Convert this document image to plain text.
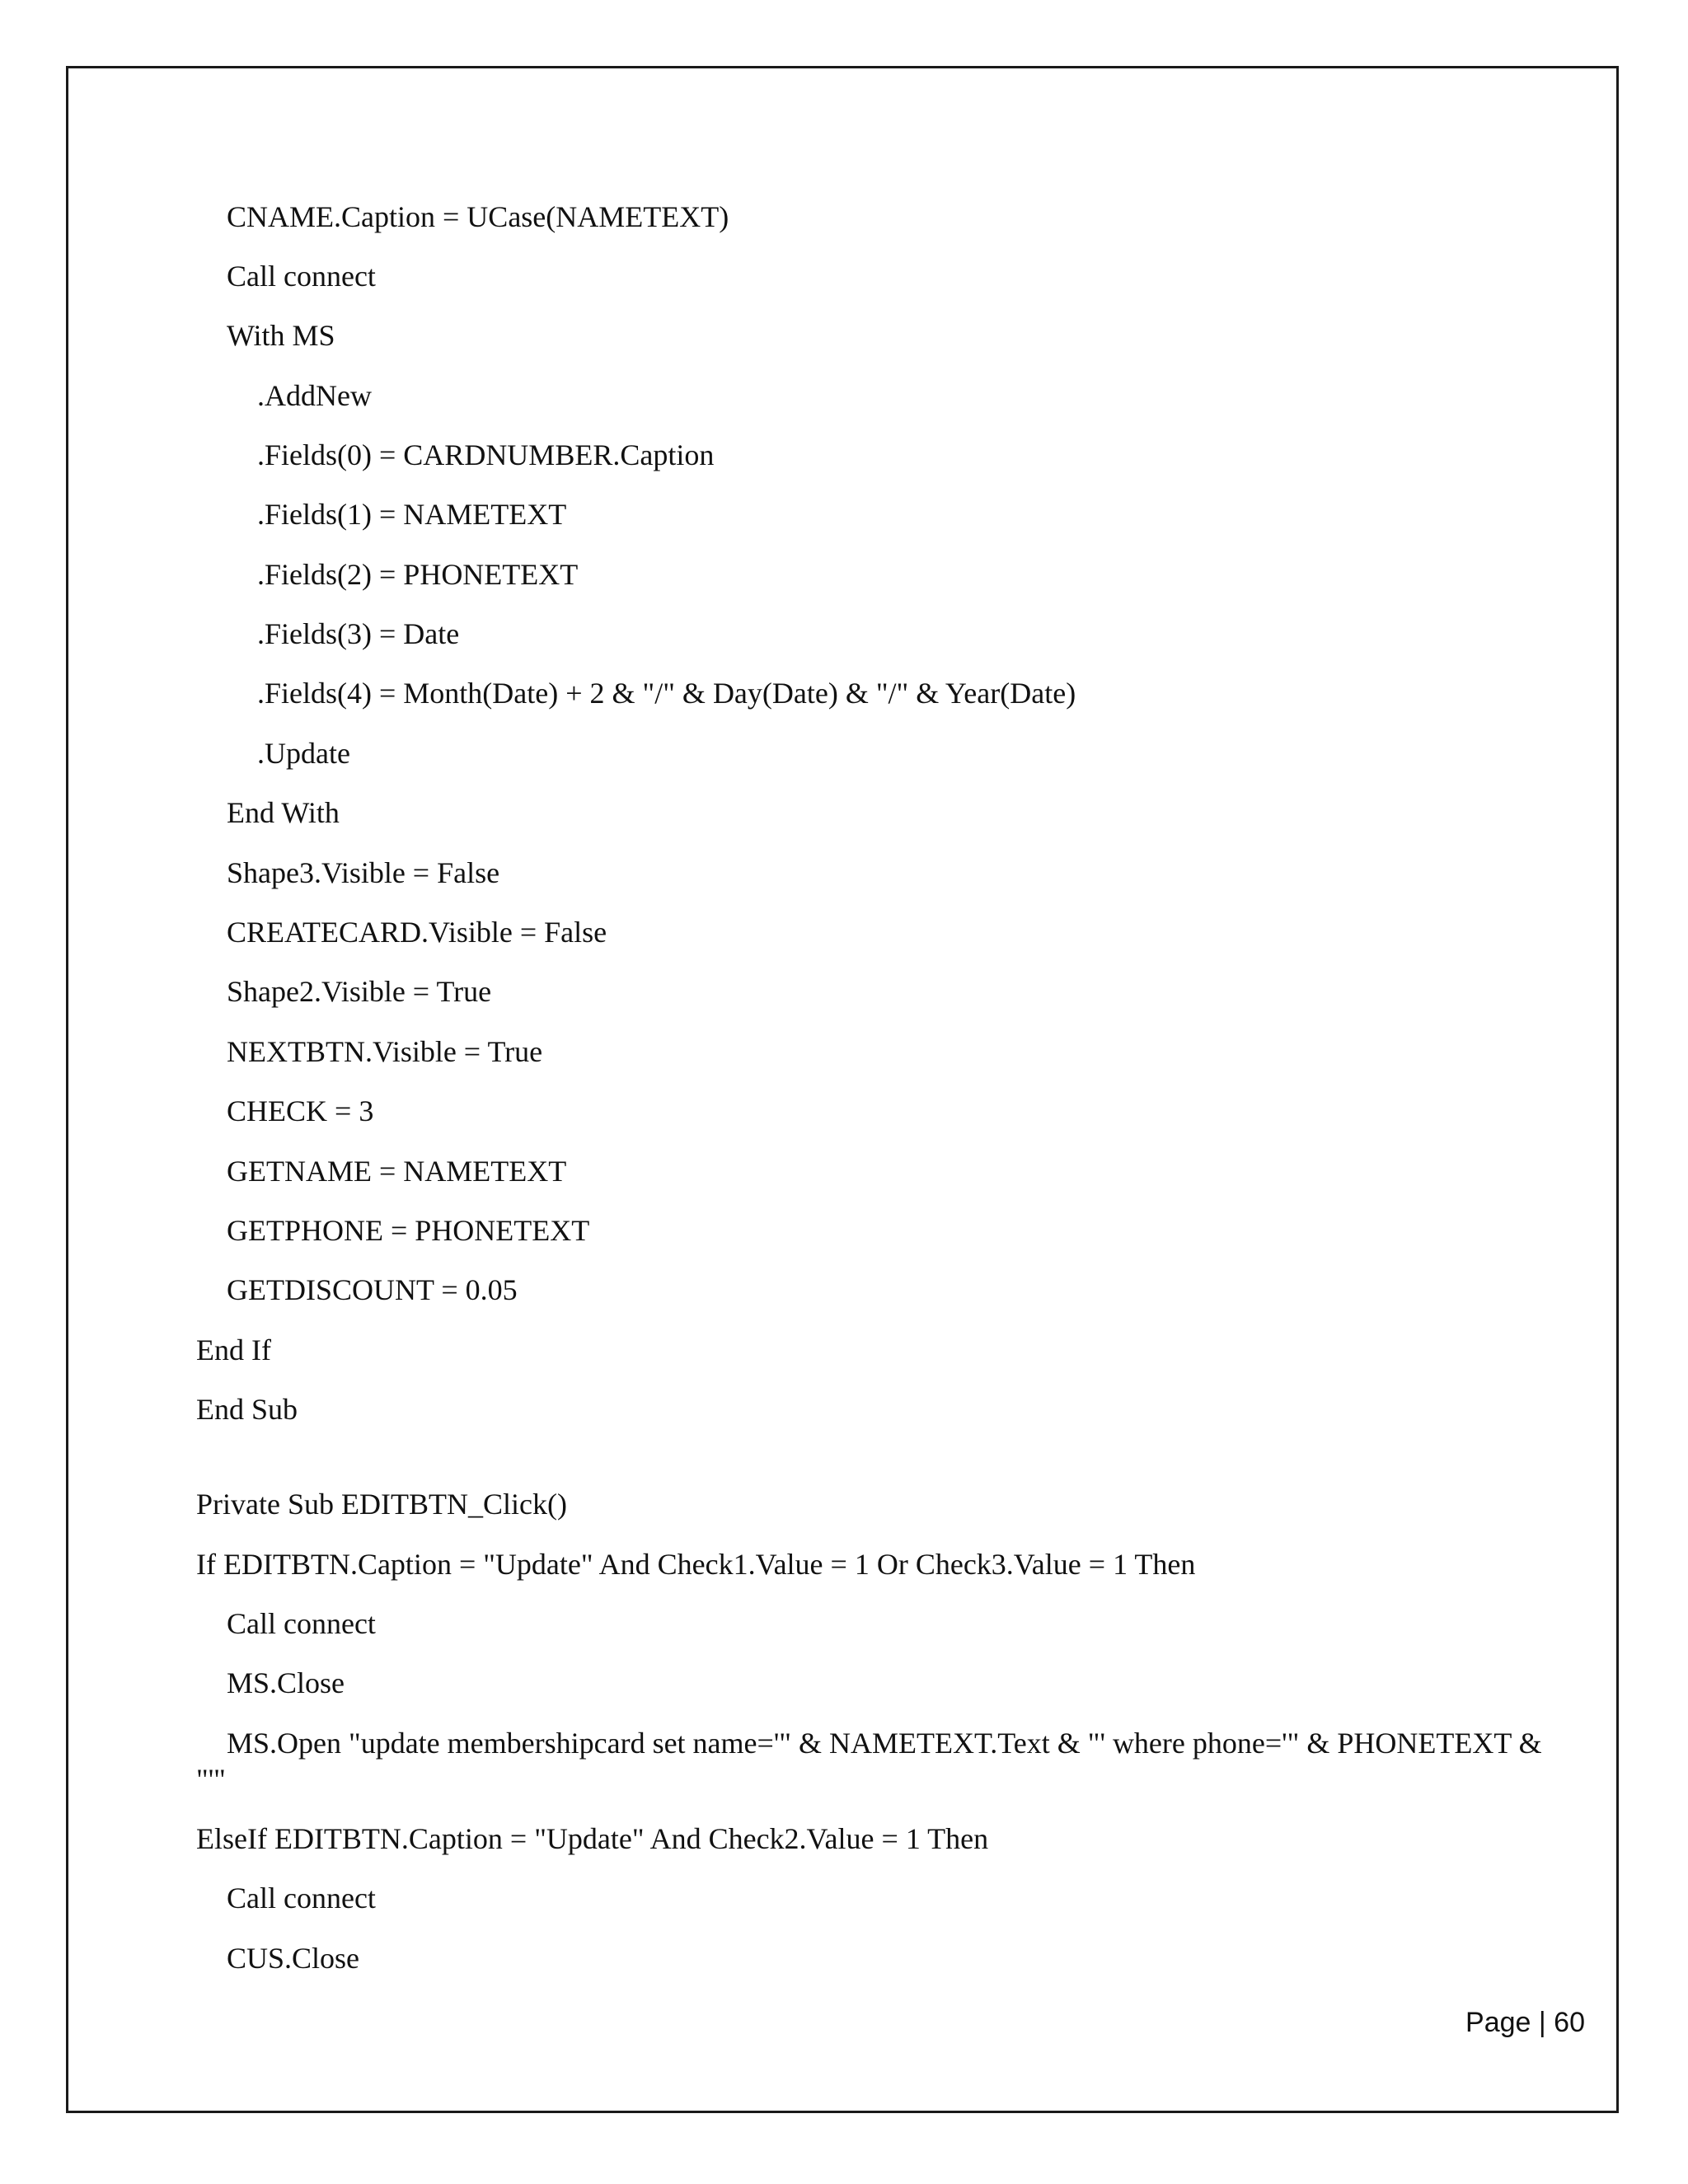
CNAME.Caption = UCase(NAMETEXT)
Call connect
With MS
.AddNew
.Fields(0) = CARDNUMBER.Caption
.Fields(1) = NAMETEXT
.Fields(2) = PHONETEXT
.Fields(3) = Date
.Fields(4) = Month(Date) + 2 & "/" & Day(Date) & "/" & Year(Date)
.Update
End With
Shape3.Visible = False
CREATECARD.Visible = False
Shape2.Visible = True
NEXTBTN.Visible = True
CHECK = 3
GETNAME = NAMETEXT
GETPHONE = PHONETEXT
GETDISCOUNT = 0.05
End If
End Sub
Private Sub EDITBTN_Click()
If EDITBTN.Caption = "Update" And Check1.Value = 1 Or Check3.Value = 1 Then
Call connect
MS.Close
MS.Open "update membershipcard set name='" & NAMETEXT.Text & "' where phone='" & PHONETEXT &
"'"
ElseIf EDITBTN.Caption = "Update" And Check2.Value = 1 Then
Call connect
CUS.Close
Page | 60
